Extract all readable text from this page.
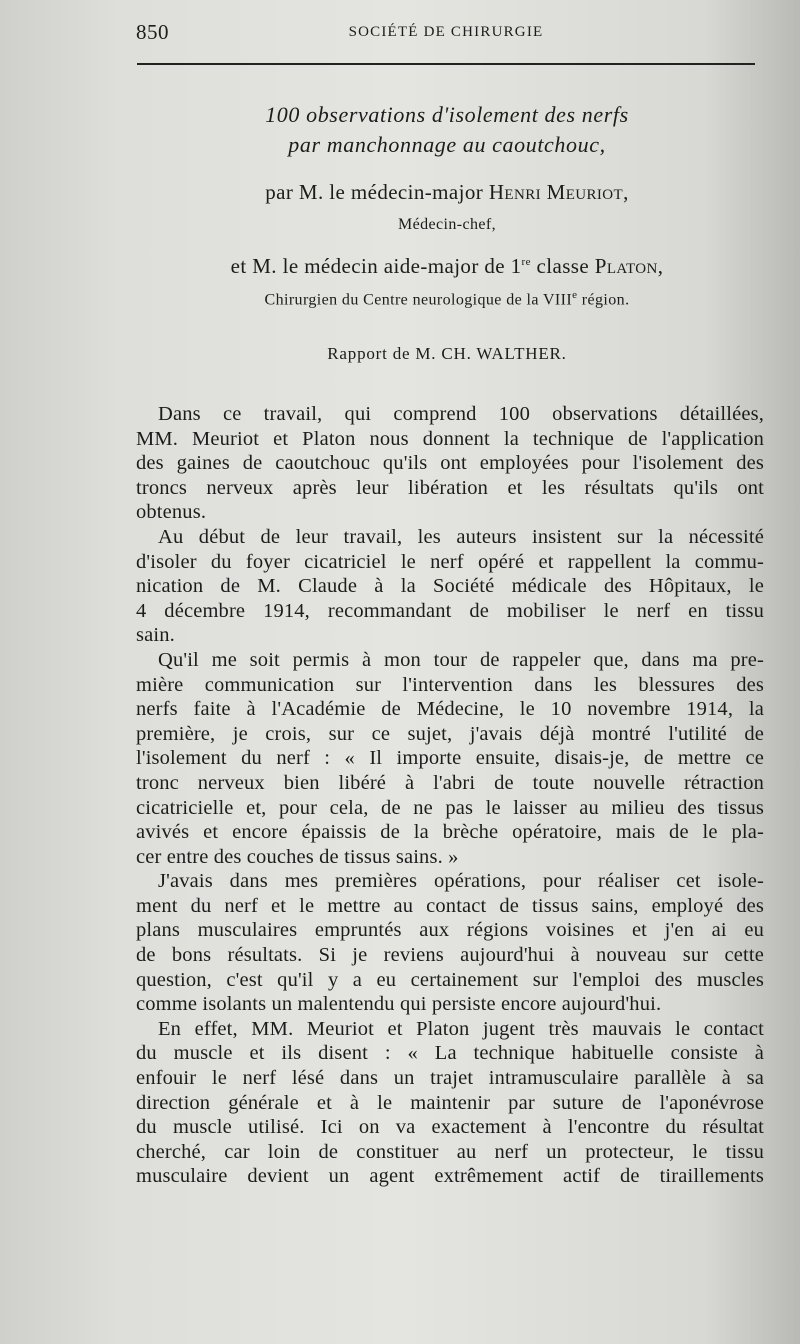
850	SOCIÉTÉ DE CHIRURGIE
100 observations d'isolement des nerfs
par manchonnage au caoutchouc,
par M. le médecin-major Henri Meuriot,
Médecin-chef,
et M. le médecin aide-major de 1re classe Platon,
Chirurgien du Centre neurologique de la VIIIe région.
Rapport de M. CH. WALTHER.
Dans ce travail, qui comprend 100 observations détaillées,
MM. Meuriot et Platon nous donnent la technique de l'application
des gaines de caoutchouc qu'ils ont employées pour l'isolement des
troncs nerveux après leur libération et les résultats qu'ils ont
obtenus.
Au début de leur travail, les auteurs insistent sur la nécessité
d'isoler du foyer cicatriciel le nerf opéré et rappellent la commu-
nication de M. Claude à la Société médicale des Hôpitaux, le
4 décembre 1914, recommandant de mobiliser le nerf en tissu
sain.
Qu'il me soit permis à mon tour de rappeler que, dans ma pre-
mière communication sur l'intervention dans les blessures des
nerfs faite à l'Académie de Médecine, le 10 novembre 1914, la
première, je crois, sur ce sujet, j'avais déjà montré l'utilité de
l'isolement du nerf : « Il importe ensuite, disais-je, de mettre ce
tronc nerveux bien libéré à l'abri de toute nouvelle rétraction
cicatricielle et, pour cela, de ne pas le laisser au milieu des tissus
avivés et encore épaissis de la brèche opératoire, mais de le pla-
cer entre des couches de tissus sains. »
J'avais dans mes premières opérations, pour réaliser cet isole-
ment du nerf et le mettre au contact de tissus sains, employé des
plans musculaires empruntés aux régions voisines et j'en ai eu
de bons résultats. Si je reviens aujourd'hui à nouveau sur cette
question, c'est qu'il y a eu certainement sur l'emploi des muscles
comme isolants un malentendu qui persiste encore aujourd'hui.
En effet, MM. Meuriot et Platon jugent très mauvais le contact
du muscle et ils disent : « La technique habituelle consiste à
enfouir le nerf lésé dans un trajet intramusculaire parallèle à sa
direction générale et à le maintenir par suture de l'aponévrose
du muscle utilisé. Ici on va exactement à l'encontre du résultat
cherché, car loin de constituer au nerf un protecteur, le tissu
musculaire devient un agent extrêmement actif de tiraillements
